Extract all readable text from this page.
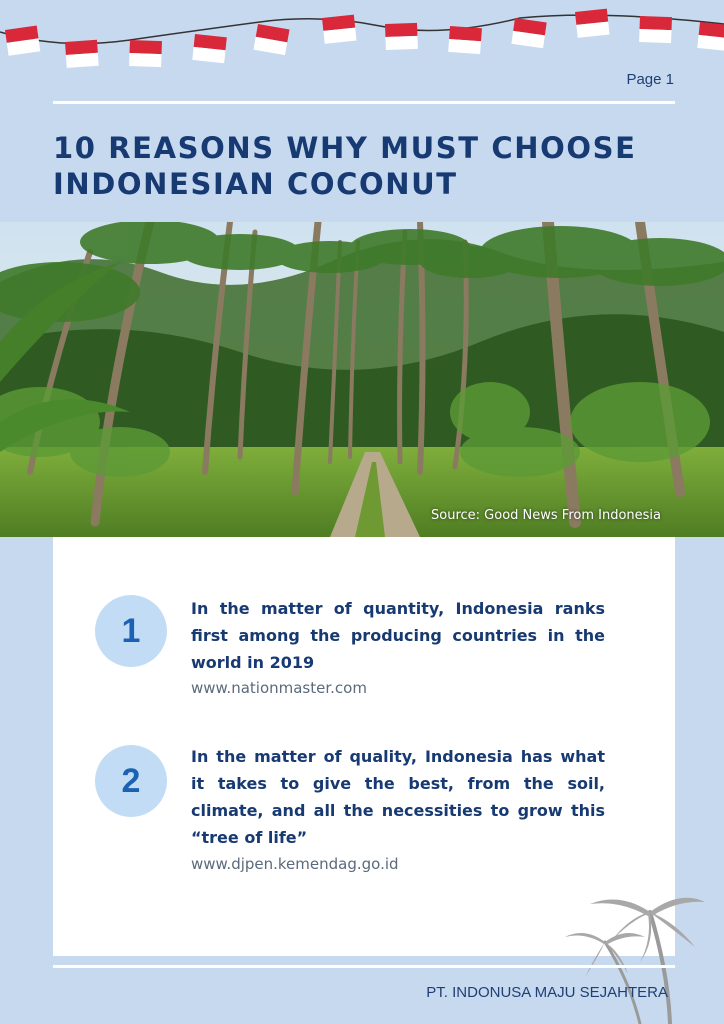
Page 1
10 REASONS WHY MUST CHOOSE
INDONESIAN COCONUT
Source: Good News From Indonesia
1

In the matter of quantity, Indonesia ranks first among the producing countries in the world in 2019

www.nationmaster.com
2

In the matter of quality, Indonesia has what it takes to give the best, from the soil, climate, and all the necessities to grow this “tree of life”

www.djpen.kemendag.go.id
PT. INDONUSA MAJU SEJAHTERA
